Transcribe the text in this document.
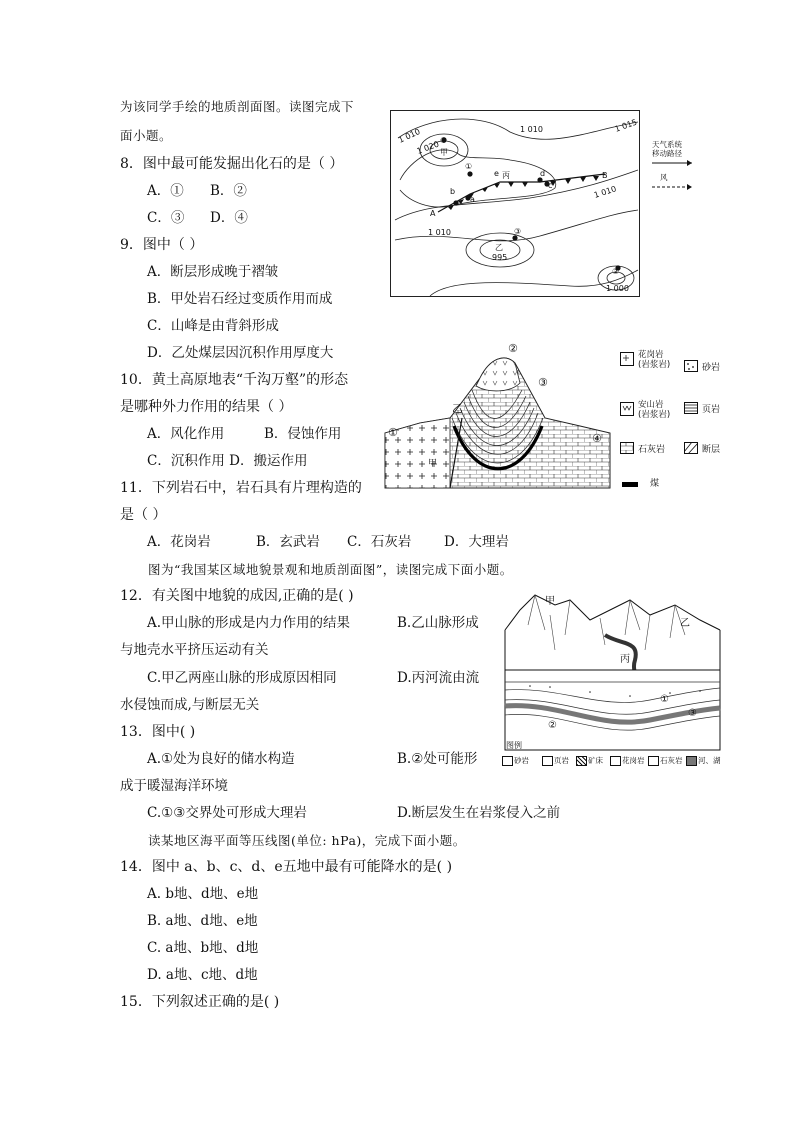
为该同学手绘的地质剖面图。读图完成下
面小题。
8．图中最可能发掘出化石的是（ ）
A．① B．②
C．③ D．④
9．图中（ ）
A．断层形成晚于褶皱
B．甲处岩石经过变质作用而成
C．山峰是由背斜形成
D．乙处煤层因沉积作用厚度大
10．黄土高原地表“千沟万壑”的形态
是哪种外力作用的结果（ ）
A．风化作用	B．侵蚀作用
C．沉积作用 D．搬运作用
11．下列岩石中，岩石具有片理构造的
是（ ）
A．花岗岩	B．玄武岩 C．石灰岩 D．大理岩
图为“我国某区域地貌景观和地质剖面图”，读图完成下面小题。
12．有关图中地貌的成因,正确的是( )
A.甲山脉的形成是内力作用的结果	B.乙山脉形成
与地壳水平挤压运动有关
C.甲乙两座山脉的形成原因相同	D.丙河流由流
水侵蚀而成,与断层无关
13．图中( )
A.①处为良好的储水构造	B.②处可能形
成于暖湿海洋环境
C.①③交界处可形成大理岩	D.断层发生在岩浆侵入之前
读某地区海平面等压线图(单位: hPa)，完成下面小题。
14．图中 a、b、c、d、e五地中最有可能降水的是( )
A. b地、d地、e地
B. a地、d地、e地
C. a地、b地、d地
D. a地、c地、d地
15．下列叙述正确的是( )
1 010
1 020
1 010	1 015
1 010
1 010
995
1 000
甲
乙
丙
a
b
c
d
e
①
②
③
④
A
B
天气系统
移动路径
风
②
③
①	④
乙
甲
花岗岩
(岩浆岩)	砂岩
安山岩
(岩浆岩)	页岩
石灰岩	断层
煤
甲
乙
丙
①
②
③
图例
砂岩	页岩	矿床	花岗岩 石灰岩 河、湖
